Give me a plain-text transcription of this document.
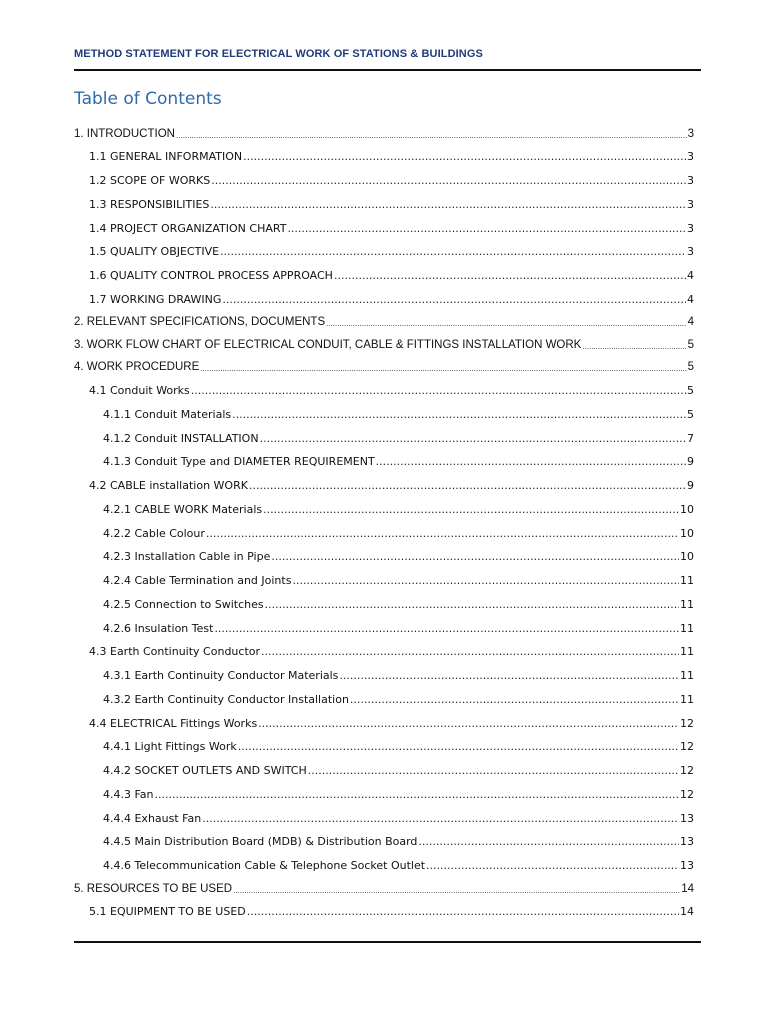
METHOD STATEMENT FOR ELECTRICAL WORK OF STATIONS & BUILDINGS
Table of Contents
1. INTRODUCTION .....	3
1.1 GENERAL INFORMATION .....	3
1.2 SCOPE OF WORKS .....	3
1.3 RESPONSIBILITIES .....	3
1.4 PROJECT ORGANIZATION CHART .....	3
1.5 QUALITY OBJECTIVE .....	3
1.6 QUALITY CONTROL PROCESS APPROACH .....	4
1.7 WORKING DRAWING .....	4
2. RELEVANT SPECIFICATIONS, DOCUMENTS .....	4
3. WORK FLOW CHART OF ELECTRICAL CONDUIT, CABLE & FITTINGS INSTALLATION WORK .....	5
4. WORK PROCEDURE .....	5
4.1 Conduit Works .....	5
4.1.1 Conduit Materials .....	5
4.1.2 Conduit INSTALLATION .....	7
4.1.3 Conduit Type and DIAMETER REQUIREMENT .....	9
4.2 CABLE installation WORK .....	9
4.2.1 CABLE WORK Materials .....	10
4.2.2 Cable Colour .....	10
4.2.3 Installation Cable in Pipe .....	10
4.2.4 Cable Termination and Joints .....	11
4.2.5 Connection to Switches .....	11
4.2.6 Insulation Test .....	11
4.3 Earth Continuity Conductor .....	11
4.3.1 Earth Continuity Conductor Materials .....	11
4.3.2 Earth Continuity Conductor Installation .....	11
4.4 ELECTRICAL Fittings Works .....	12
4.4.1 Light Fittings Work .....	12
4.4.2 SOCKET OUTLETS AND SWITCH .....	12
4.4.3 Fan .....	12
4.4.4 Exhaust Fan .....	13
4.4.5 Main Distribution Board (MDB) & Distribution Board .....	13
4.4.6 Telecommunication Cable & Telephone Socket Outlet .....	13
5. RESOURCES TO BE USED .....	14
5.1 EQUIPMENT TO BE USED .....	14
